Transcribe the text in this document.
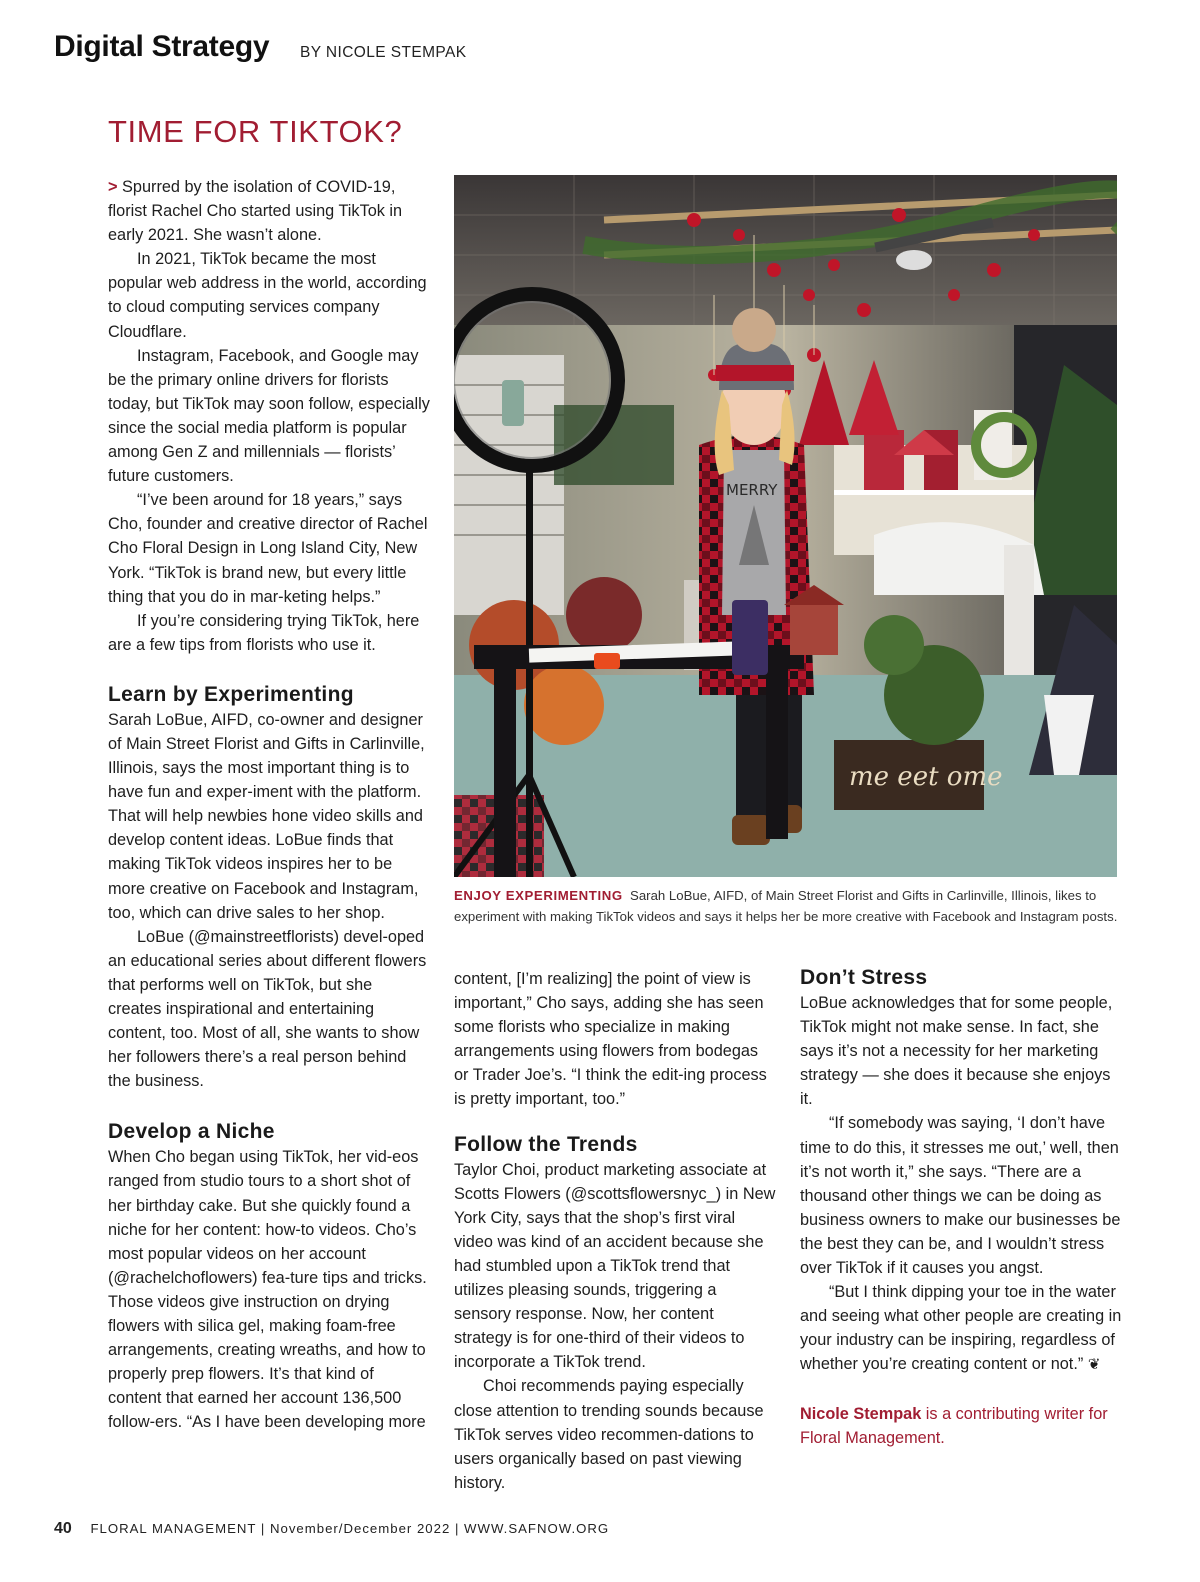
Digital Strategy BY NICOLE STEMPAK
TIME FOR TIKTOK?

> Spurred by the isolation of COVID-19, florist Rachel Cho started using TikTok in early 2021. She wasn’t alone.

In 2021, TikTok became the most popular web address in the world, according to cloud computing services company Cloudflare.

Instagram, Facebook, and Google may be the primary online drivers for florists today, but TikTok may soon follow, especially since the social media platform is popular among Gen Z and millennials — florists’ future customers.

“I’ve been around for 18 years,” says Cho, founder and creative director of Rachel Cho Floral Design in Long Island City, New York. “TikTok is brand new, but every little thing that you do in mar-keting helps.”

If you’re considering trying TikTok, here are a few tips from florists who use it.

Learn by Experimenting

Sarah LoBue, AIFD, co-owner and designer of Main Street Florist and Gifts in Carlinville, Illinois, says the most important thing is to have fun and exper-iment with the platform. That will help newbies hone video skills and develop content ideas. LoBue finds that making TikTok videos inspires her to be more creative on Facebook and Instagram, too, which can drive sales to her shop.

LoBue (@mainstreetflorists) devel-oped an educational series about different flowers that performs well on TikTok, but she creates inspirational and entertaining content, too. Most of all, she wants to show her followers there’s a real person behind the business.

Develop a Niche

When Cho began using TikTok, her vid-eos ranged from studio tours to a short shot of her birthday cake. But she quickly found a niche for her content: how-to videos. Cho’s most popular videos on her account (@rachelchoflowers) fea-ture tips and tricks. Those videos give instruction on drying flowers with silica gel, making foam-free arrangements, creating wreaths, and how to properly prep flowers. It’s that kind of content that earned her account 136,500 follow-ers. “As I have been developing more

me eet ome
MERRY
ENJOY EXPERIMENTING Sarah LoBue, AIFD, of Main Street Florist and Gifts in Carlinville, Illinois, likes to experiment with making TikTok videos and says it helps her be more creative with Facebook and Instagram posts.

content, [I’m realizing] the point of view is important,” Cho says, adding she has seen some florists who specialize in making arrangements using flowers from bodegas or Trader Joe’s. “I think the edit-ing process is pretty important, too.”

Follow the Trends

Taylor Choi, product marketing associate at Scotts Flowers (@scottsflowersnyc_) in New York City, says that the shop’s first viral video was kind of an accident because she had stumbled upon a TikTok trend that utilizes pleasing sounds, triggering a sensory response. Now, her content strategy is for one-third of their videos to incorporate a TikTok trend.

Choi recommends paying especially close attention to trending sounds because TikTok serves video recommen-dations to users organically based on past viewing history.

Don’t Stress

LoBue acknowledges that for some people, TikTok might not make sense. In fact, she says it’s not a necessity for her marketing strategy — she does it because she enjoys it.

“If somebody was saying, ‘I don’t have time to do this, it stresses me out,’ well, then it’s not worth it,” she says. “There are a thousand other things we can be doing as business owners to make our businesses be the best they can be, and I wouldn’t stress over TikTok if it causes you angst.

“But I think dipping your toe in the water and seeing what other people are creating in your industry can be inspiring, regardless of whether you’re creating content or not.” ❦

Nicole Stempak is a contributing writer for Floral Management.

40 FLORAL MANAGEMENT | November/December 2022 | WWW.SAFNOW.ORG
